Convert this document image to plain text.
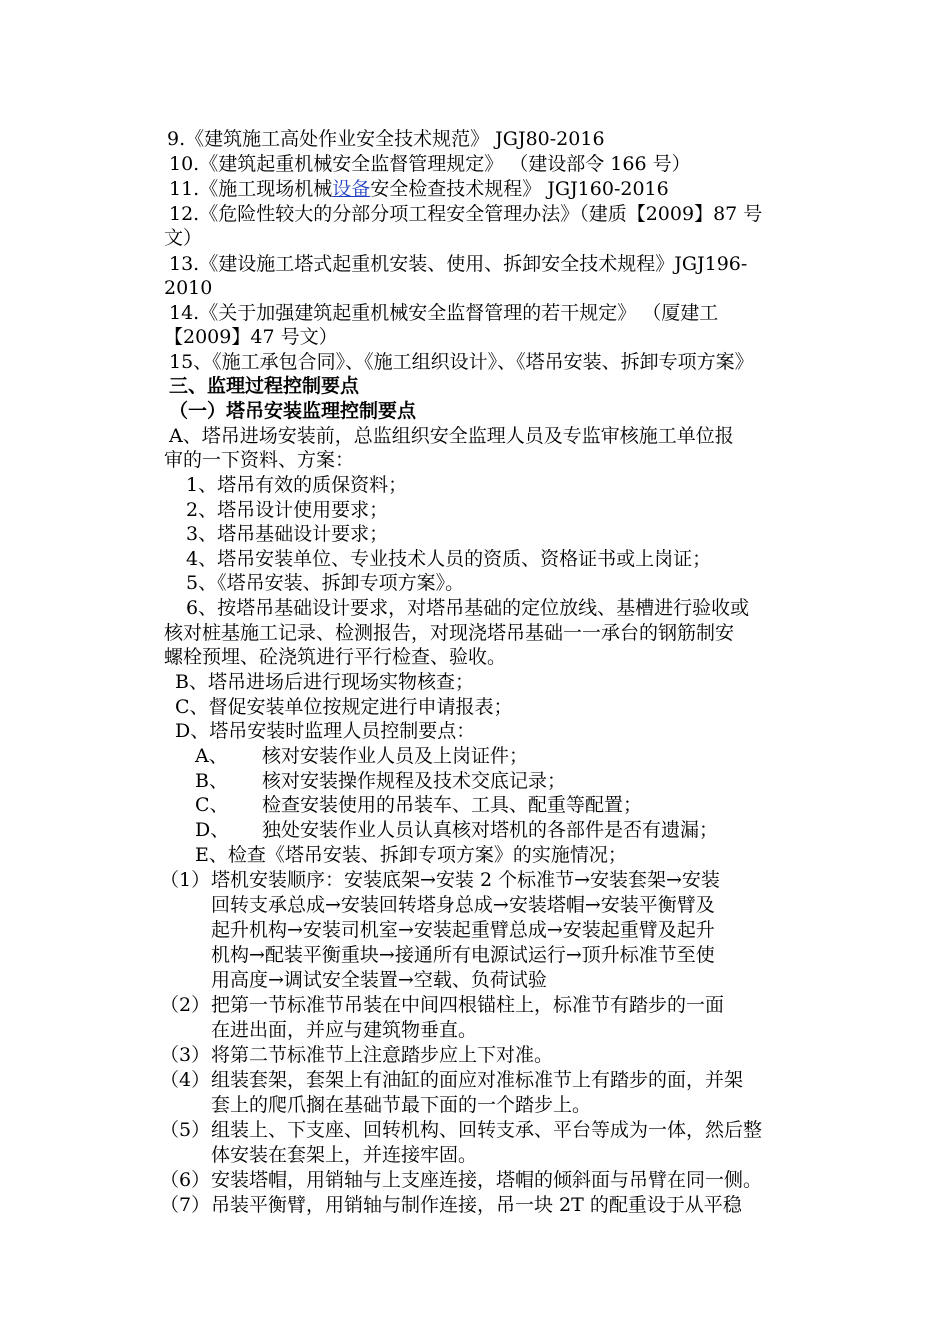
9.《建筑施工高处作业安全技术规范》 JGJ80-2016
10.《建筑起重机械安全监督管理规定》 （建设部令 166 号）
11.《施工现场机械设备安全检查技术规程》 JGJ160-2016
12.《危险性较大的分部分项工程安全管理办法》（建质【2009】87 号
文）
13.《建设施工塔式起重机安装、使用、拆卸安全技术规程》JGJ196-
2010
14.《关于加强建筑起重机械安全监督管理的若干规定》 （厦建工
【2009】47 号文）
15、《施工承包合同》、《施工组织设计》、《塔吊安装、拆卸专项方案》
三、监理过程控制要点
（一）塔吊安装监理控制要点
A、塔吊进场安装前，总监组织安全监理人员及专监审核施工单位报
审的一下资料、方案：
1、塔吊有效的质保资料；
2、塔吊设计使用要求；
3、塔吊基础设计要求；
4、塔吊安装单位、专业技术人员的资质、资格证书或上岗证；
5、《塔吊安装、拆卸专项方案》。
6、按塔吊基础设计要求，对塔吊基础的定位放线、基槽进行验收或
核对桩基施工记录、检测报告，对现浇塔吊基础一一承台的钢筋制安
螺栓预埋、砼浇筑进行平行检查、验收。
B、塔吊进场后进行现场实物核查；
C、督促安装单位按规定进行申请报表；
D、塔吊安装时监理人员控制要点：
A、 核对安装作业人员及上岗证件；
B、 核对安装操作规程及技术交底记录；
C、 检查安装使用的吊装车、工具、配重等配置；
D、 独处安装作业人员认真核对塔机的各部件是否有遗漏；
E、检查《塔吊安装、拆卸专项方案》的实施情况；
（1） 塔机安装顺序：安装底架→安装 2 个标准节→安装套架→安装
回转支承总成→安装回转塔身总成→安装塔帽→安装平衡臂及
起升机构→安装司机室→安装起重臂总成→安装起重臂及起升
机构→配装平衡重块→接通所有电源试运行→顶升标准节至使
用高度→调试安全装置→空载、负荷试验
（2） 把第一节标准节吊装在中间四根锚柱上，标准节有踏步的一面
在进出面，并应与建筑物垂直。
（3） 将第二节标准节上注意踏步应上下对准。
（4） 组装套架，套架上有油缸的面应对准标准节上有踏步的面，并架
套上的爬爪搁在基础节最下面的一个踏步上。
（5） 组装上、下支座、回转机构、回转支承、平台等成为一体，然后整
体安装在套架上，并连接牢固。
（6） 安装塔帽，用销轴与上支座连接，塔帽的倾斜面与吊臂在同一侧。
（7） 吊装平衡臂，用销轴与制作连接，吊一块 2T 的配重设于从平稳
